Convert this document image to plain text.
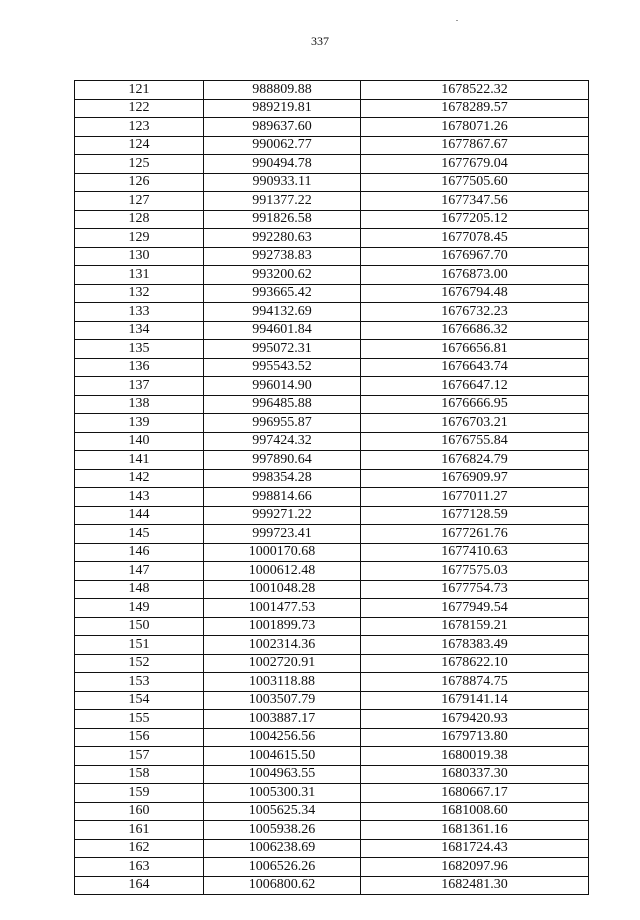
337
121	988809.88	1678522.32
122	989219.81	1678289.57
123	989637.60	1678071.26
124	990062.77	1677867.67
125	990494.78	1677679.04
126	990933.11	1677505.60
127	991377.22	1677347.56
128	991826.58	1677205.12
129	992280.63	1677078.45
130	992738.83	1676967.70
131	993200.62	1676873.00
132	993665.42	1676794.48
133	994132.69	1676732.23
134	994601.84	1676686.32
135	995072.31	1676656.81
136	995543.52	1676643.74
137	996014.90	1676647.12
138	996485.88	1676666.95
139	996955.87	1676703.21
140	997424.32	1676755.84
141	997890.64	1676824.79
142	998354.28	1676909.97
143	998814.66	1677011.27
144	999271.22	1677128.59
145	999723.41	1677261.76
146	1000170.68	1677410.63
147	1000612.48	1677575.03
148	1001048.28	1677754.73
149	1001477.53	1677949.54
150	1001899.73	1678159.21
151	1002314.36	1678383.49
152	1002720.91	1678622.10
153	1003118.88	1678874.75
154	1003507.79	1679141.14
155	1003887.17	1679420.93
156	1004256.56	1679713.80
157	1004615.50	1680019.38
158	1004963.55	1680337.30
159	1005300.31	1680667.17
160	1005625.34	1681008.60
161	1005938.26	1681361.16
162	1006238.69	1681724.43
163	1006526.26	1682097.96
164	1006800.62	1682481.30
